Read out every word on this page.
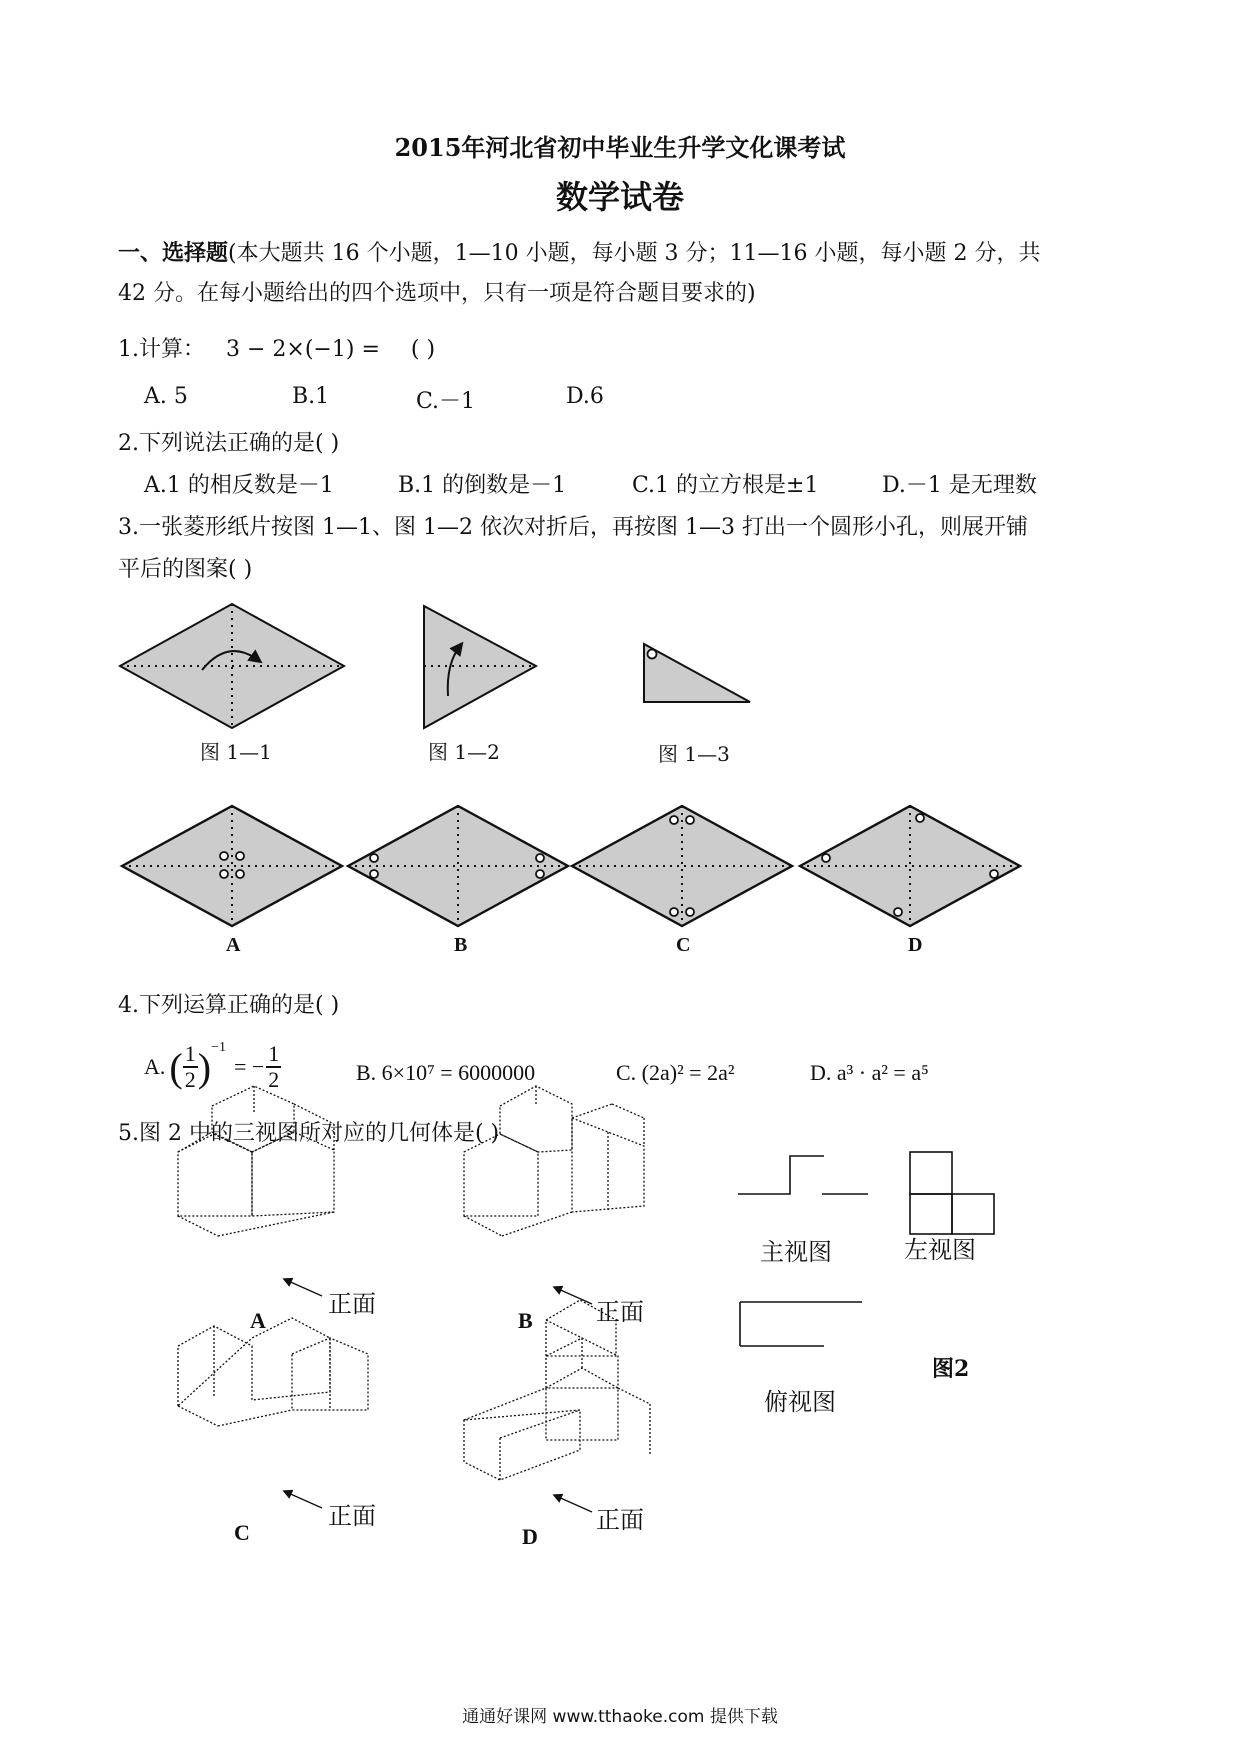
2015年河北省初中毕业生升学文化课考试
数学试卷
一、选择题(本大题共 16 个小题，1—10 小题，每小题 3 分；11—16 小题，每小题 2 分，共
42 分。在每小题给出的四个选项中，只有一项是符合题目要求的)
1.计算： 3 − 2×(−1) = ( )
A. 5	B.1	C.－1	D.6
2.下列说法正确的是( )
A.1 的相反数是－1	B.1 的倒数是－1	C.1 的立方根是±1	D.－1 是无理数
3.一张菱形纸片按图 1—1、图 1—2 依次对折后，再按图 1—3 打出一个圆形小孔，则展开铺
平后的图案( )
图 1—1	图 1—2	图 1—3
A	B	C	D
4.下列运算正确的是( )
A. ( $\frac{1}{2}$ ) −1
= − $\frac{1}{2}$	B. 6×10⁷ = 6000000	C. (2a)² = 2a²	D. a³ · a² = a⁵
5.图 2 中的三视图所对应的几何体是( )
正面	正面
正面	正面
A	B
C	D
主视图	左视图
俯视图
图2
通通好课网 www.tthaoke.com 提供下载
